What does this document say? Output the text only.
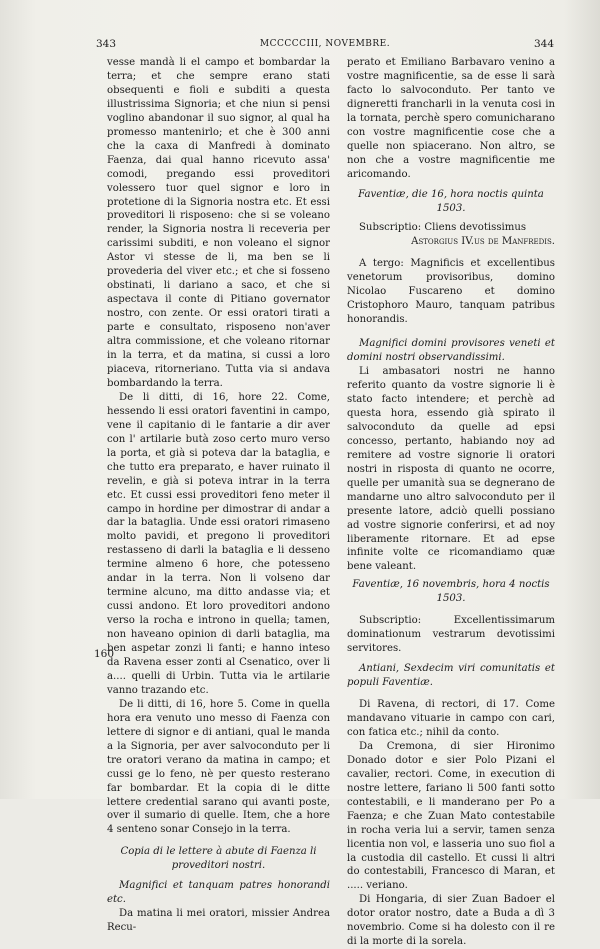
343	MCCCCCIII, NOVEMBRE.	344
160

vesse mandà li el campo et bombardar la terra; et che sempre erano stati obsequenti e fioli e subditi a questa illustrissima Signoria; et che niun si pensi voglino abandonar il suo signor, al qual ha promesso mantenirlo; et che è 300 anni che la caxa di Manfredi à dominato Faenza, dai qual hanno ricevuto assa' comodi, pregando essi proveditori volessero tuor quel signor e loro in protetione di la Signoria nostra etc. Et essi proveditori li risposeno: che si se voleano render, la Signoria nostra li receveria per carissimi subditi, e non voleano el signor Astor vi stesse de li, ma ben se li provederia del viver etc.; et che si fosseno obstinati, li dariano a saco, et che si aspectava il conte di Pitiano governator nostro, con zente. Or essi oratori tirati a parte e consultato, risposeno non'aver altra commissione, et che voleano ritornar in la terra, et da matina, si cussi a loro piaceva, ritorneriano. Tutta via si andava bombardando la terra.

De li ditti, di 16, hore 22. Come, hessendo li essi oratori faventini in campo, vene il capitanio di le fantarie a dir aver con l' artilarie butà zoso certo muro verso la porta, et già si poteva dar la bataglia, e che tutto era preparato, e haver ruinato il revelin, e già si poteva intrar in la terra etc. Et cussi essi proveditori feno meter il campo in hordine per dimostrar di andar a dar la bataglia. Unde essi oratori rimaseno molto pavidi, et pregono li proveditori restasseno di darli la bataglia e li desseno termine almeno 6 hore, che potesseno andar in la terra. Non li volseno dar termine alcuno, ma ditto andasse via; et cussi andono. Et loro proveditori andono verso la rocha e introno in quella; tamen, non haveano opinion di darli bataglia, ma ben aspetar zonzi li fanti; e hanno inteso da Ravena esser zonti al Csenatico, over li a.... quelli di Urbin. Tutta via le artilarie vanno trazando etc.

De li ditti, di 16, hore 5. Come in quella hora era venuto uno messo di Faenza con lettere di signor e di antiani, qual le manda a la Signoria, per aver salvoconduto per li tre oratori verano da matina in campo; et cussi ge lo feno, nè per questo resterano far bombardar. Et la copia di le ditte lettere credential sarano qui avanti poste, over il sumario di quelle. Item, che a hore 4 senteno sonar Consejo in la terra.

Copia di le lettere à abute di Faenza li proveditori nostri.

Magnifici et tanquam patres honorandi etc.

Da matina li mei oratori, missier Andrea Recu-

perato et Emiliano Barbavaro venino a vostre magnificentie, sa de esse li sarà facto lo salvoconduto. Per tanto ve digneretti francharli in la venuta cosi in la tornata, perchè spero comunicharano con vostre magnificentie cose che a quelle non spiacerano. Non altro, se non che a vostre magnificentie me aricomando.

Faventiæ, die 16, hora noctis quinta 1503.

Subscriptio: Cliens devotissimus

Astorgius IV.us de Manfredis.

A tergo: Magnificis et excellentibus venetorum provisoribus, domino Nicolao Fuscareno et domino Cristophoro Mauro, tanquam patribus honorandis.

Magnifici domini provisores veneti et domini nostri observandissimi.

Li ambasatori nostri ne hanno referito quanto da vostre signorie li è stato facto intendere; et perchè ad questa hora, essendo già spirato il salvoconduto da quelle ad epsi concesso, pertanto, habiando noy ad remitere ad vostre signorie li oratori nostri in risposta di quanto ne ocorre, quelle per umanità sua se degnerano de mandarne uno altro salvoconduto per il presente latore, adciò quelli possiano ad vostre signorie conferirsi, et ad noy liberamente ritornare. Et ad epse infinite volte ce ricomandiamo quæ bene valeant.

Faventiæ, 16 novembris, hora 4 noctis 1503.

Subscriptio: Excellentissimarum dominationum vestrarum devotissimi servitores.

Antiani, Sexdecim viri comunitatis et populi Faventiæ.

Di Ravena, di rectori, di 17. Come mandavano vituarie in campo con cari, con fatica etc.; nihil da conto.

Da Cremona, di sier Hironimo Donado dotor e sier Polo Pizani el cavalier, rectori. Come, in execution di nostre lettere, fariano li 500 fanti sotto contestabili, e li manderano per Po a Faenza; e che Zuan Mato contestabile in rocha veria lui a servir, tamen senza licentia non vol, e lasseria uno suo fiol a la custodia dil castello. Et cussi li altri do contestabili, Francesco di Maran, et ..... veriano.

Di Hongaria, di sier Zuan Badoer el dotor orator nostro, date a Buda a dì 3 novembrio. Come si ha dolesto con il re di la morte di la sorela.
